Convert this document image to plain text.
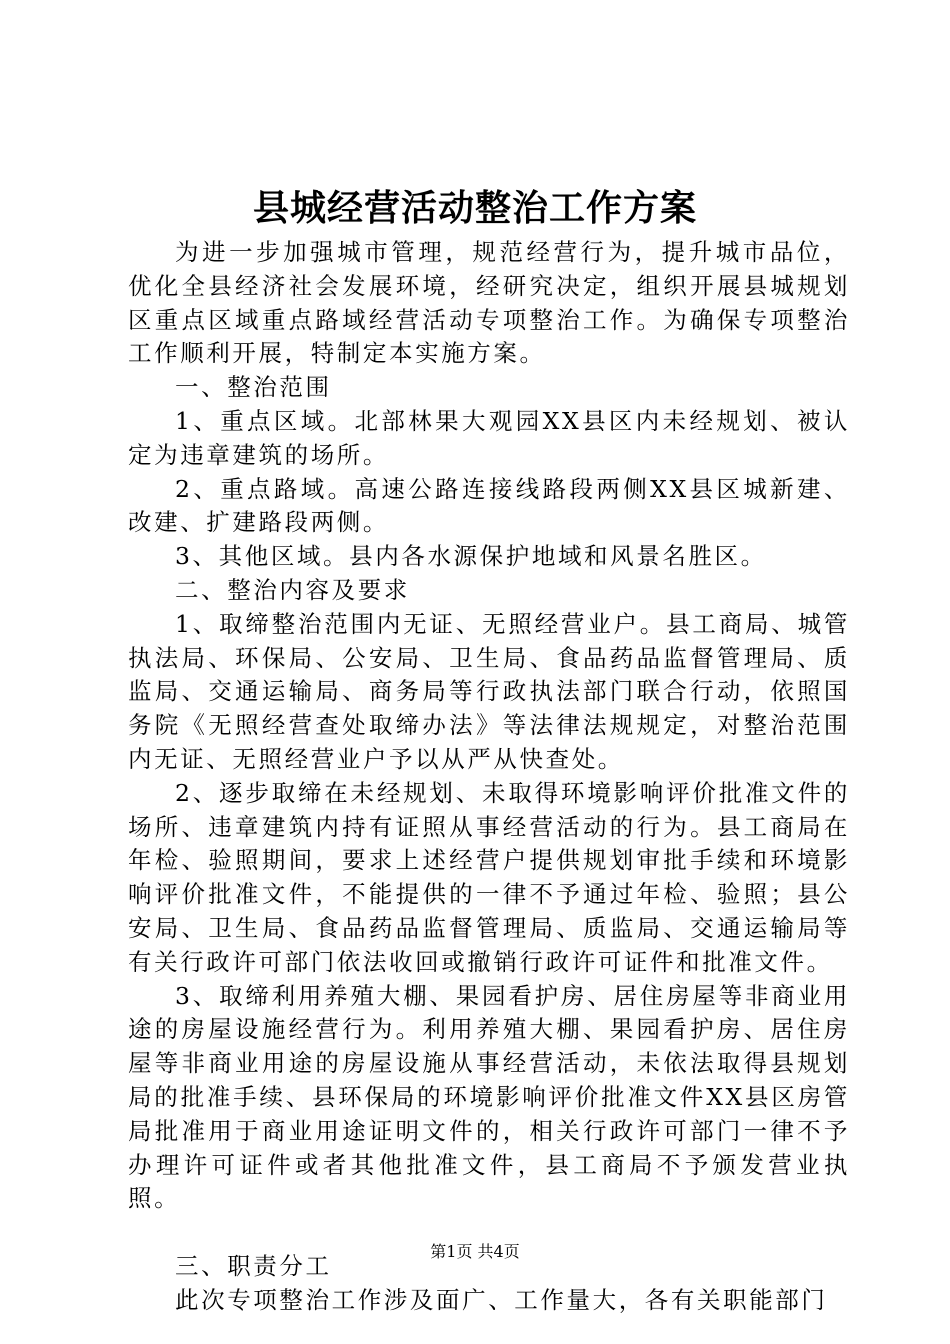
县城经营活动整治工作方案

为进一步加强城市管理，规范经营行为，提升城市品位，优化全县经济社会发展环境，经研究决定，组织开展县城规划区重点区域重点路域经营活动专项整治工作。为确保专项整治工作顺利开展，特制定本实施方案。

一、整治范围

1、重点区域。北部林果大观园XX县区内未经规划、被认定为违章建筑的场所。

2、重点路域。高速公路连接线路段两侧XX县区城新建、改建、扩建路段两侧。

3、其他区域。县内各水源保护地域和风景名胜区。

二、整治内容及要求

1、取缔整治范围内无证、无照经营业户。县工商局、城管执法局、环保局、公安局、卫生局、食品药品监督管理局、质监局、交通运输局、商务局等行政执法部门联合行动，依照国务院《无照经营查处取缔办法》等法律法规规定，对整治范围内无证、无照经营业户予以从严从快查处。

2、逐步取缔在未经规划、未取得环境影响评价批准文件的场所、违章建筑内持有证照从事经营活动的行为。县工商局在年检、验照期间，要求上述经营户提供规划审批手续和环境影响评价批准文件，不能提供的一律不予通过年检、验照；县公安局、卫生局、食品药品监督管理局、质监局、交通运输局等有关行政许可部门依法收回或撤销行政许可证件和批准文件。

3、取缔利用养殖大棚、果园看护房、居住房屋等非商业用途的房屋设施经营行为。利用养殖大棚、果园看护房、居住房屋等非商业用途的房屋设施从事经营活动，未依法取得县规划局的批准手续、县环保局的环境影响评价批准文件XX县区房管局批准用于商业用途证明文件的，相关行政许可部门一律不予办理许可证件或者其他批准文件，县工商局不予颁发营业执照。

三、职责分工

此次专项整治工作涉及面广、工作量大，各有关职能部门

第1页 共4页
